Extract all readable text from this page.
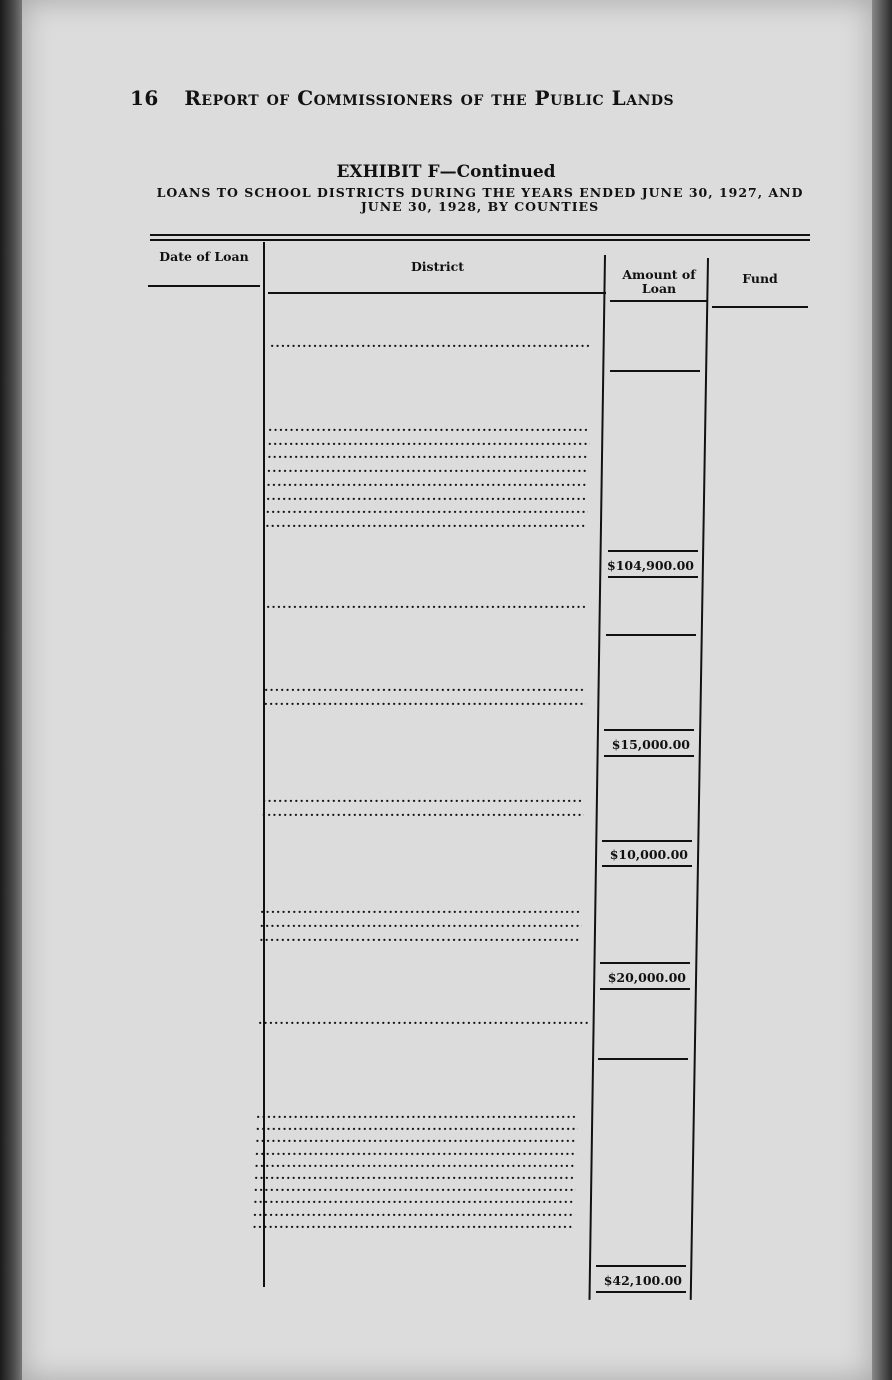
16 Report of Commissioners of the Public Lands
EXHIBIT F—Continued
LOANS TO SCHOOL DISTRICTS DURING THE YEARS ENDED JUNE 30, 1927, AND JUNE 30, 1928, BY COUNTIES
Date of Loan
District
Amount of Loan
Fund
.....
.....
.....
.....
.....
.....
.....
.....
.....
$104,900.00
.....
.....
.....
$15,000.00
.....
.....
$10,000.00
.....
.....
.....
$20,000.00
.....
.....
.....
.....
.....
.....
.....
.....
.....
.....
.....
$42,100.00
